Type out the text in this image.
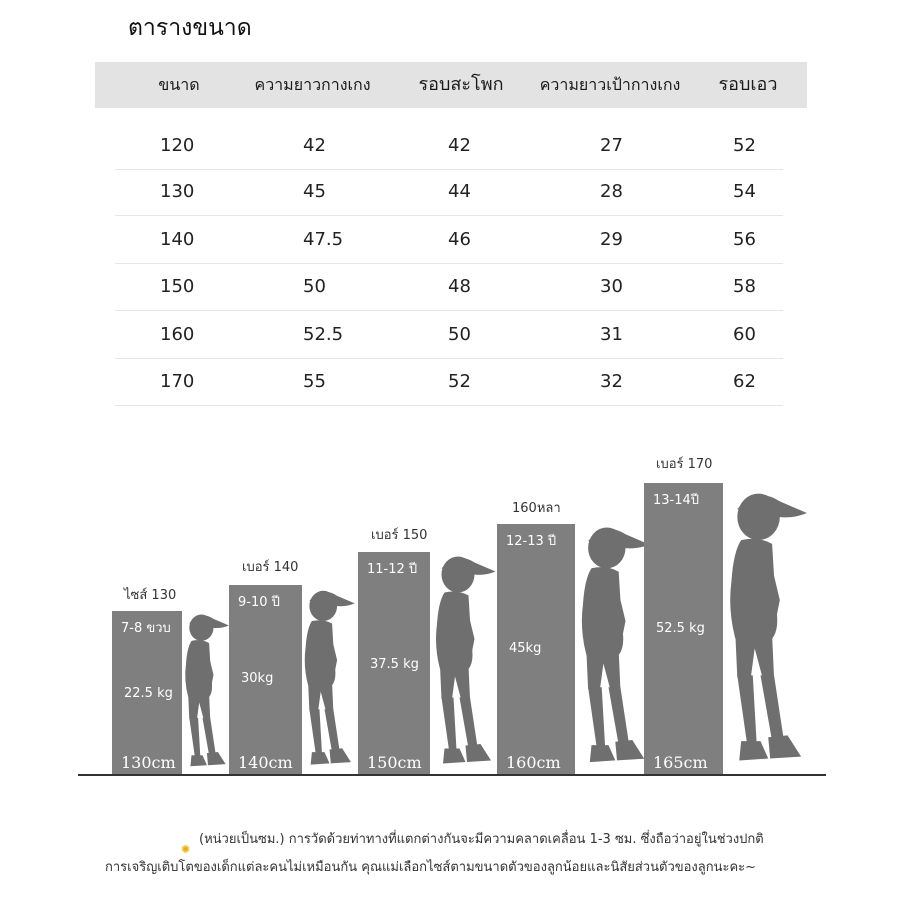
ตารางขนาด
ขนาด	ความยาวกางเกง	รอบสะโพก	ความยาวเป้ากางเกง	รอบเอว
120	42	42	27	52
130	45	44	28	54
140	47.5	46	29	56
150	50	48	30	58
160	52.5	50	31	60
170	55	52	32	62
7-8 ขวบ
22.5 kg
130cm
ไซส์ 130	9-10 ปี
30kg
140cm
เบอร์ 140	11-12 ปี
37.5 kg
150cm
เบอร์ 150	12-13 ปี
45kg
160cm
160หลา
13-14ปี
52.5 kg
165cm
เบอร์ 170
✺
(หน่วยเป็นซม.) การวัดด้วยท่าทางที่แตกต่างกันจะมีความคลาดเคลื่อน 1-3 ซม. ซึ่งถือว่าอยู่ในช่วงปกติ
การเจริญเติบโตของเด็กแต่ละคนไม่เหมือนกัน คุณแม่เลือกไซส์ตามขนาดตัวของลูกน้อยและนิสัยส่วนตัวของลูกนะคะ~
